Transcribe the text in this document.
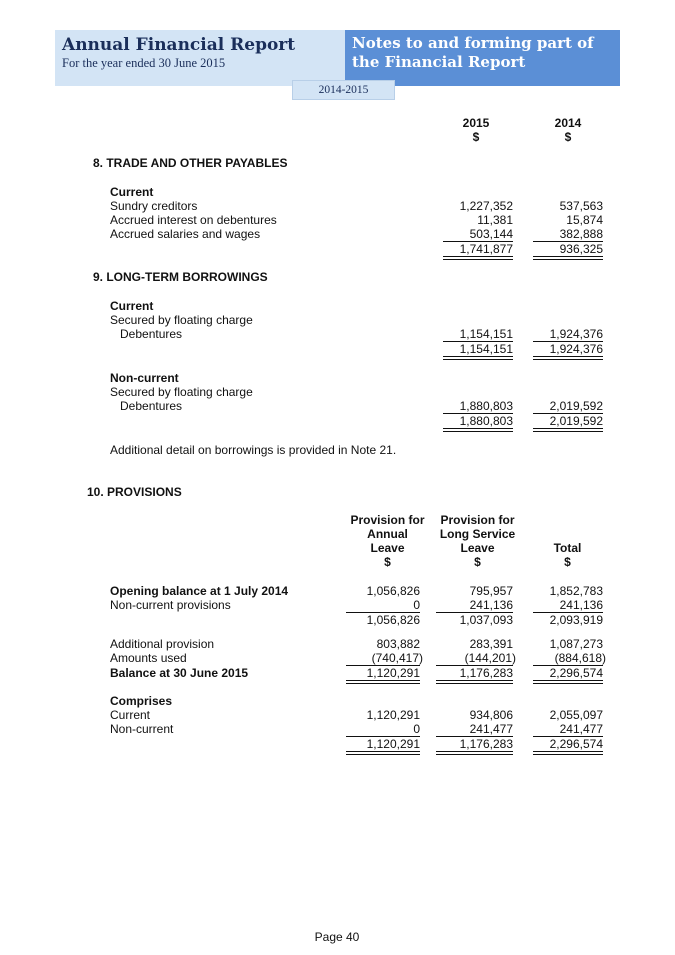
Annual Financial Report
For the year ended 30 June 2015
Notes to and forming part of the Financial Report
2014-2015
2015
$
2014
$
8. TRADE AND OTHER PAYABLES
Current
Sundry creditors	1,227,352	537,563
Accrued interest on debentures	11,381	15,874
Accrued salaries and wages	503,144	382,888
1,741,877	936,325
9. LONG-TERM BORROWINGS
Current
Secured by floating charge
Debentures	1,154,151	1,924,376
1,154,151	1,924,376
Non-current
Secured by floating charge
Debentures	1,880,803	2,019,592
1,880,803	2,019,592
Additional detail on borrowings is provided in Note 21.
10. PROVISIONS
Provision for
Annual
Leave
$
Provision for
Long Service
Leave
$
Total
$
Opening balance at 1 July 2014	1,056,826	795,957	1,852,783
Non-current provisions	0	241,136	241,136
1,056,826	1,037,093	2,093,919
Additional provision	803,882	283,391	1,087,273
Amounts used	(740,417)	(144,201)	(884,618)
Balance at 30 June 2015	1,120,291	1,176,283	2,296,574
Comprises
Current	1,120,291	934,806	2,055,097
Non-current	0	241,477	241,477
1,120,291	1,176,283	2,296,574
Page 40
